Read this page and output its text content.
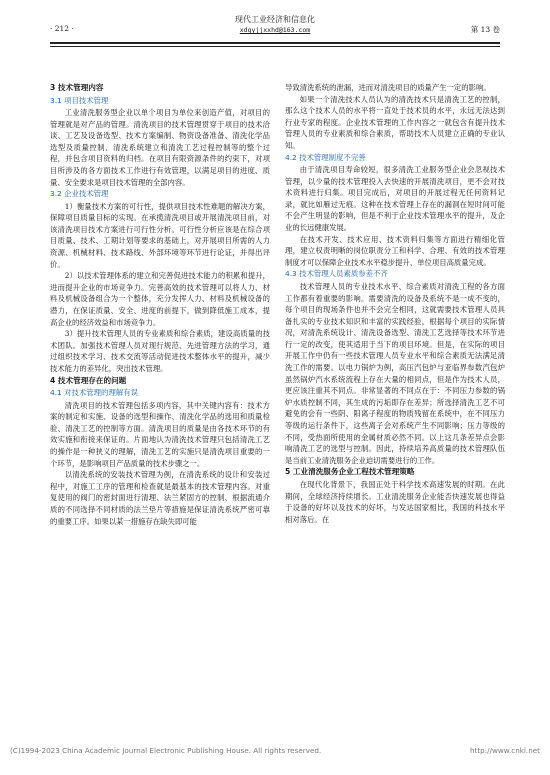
· 212 ·
现代工业经济和信息化
xdgyjjxxhd@163.com	第 13 卷
3 技术管理内容
3.1 项目技术管理

工业清洗服务型企业以单个项目为单位来创造产值，对项目的管理就是对产品的管理。清洗项目的技术管理贯穿于项目的技术洽谈、工艺及设备选型、技术方案编制、物资设备准备、清洗化学品选型及质量控制、清洗系统建立和清洗工艺过程控制等的整个过程，并包含项目资料的归档。在项目有限资源条件的约束下，对项目所涉及的各方面技术工作进行有效管理，以满足项目的进度、质量、安全要求是项目技术管理的全部内容。

3.2 企业技术管理

1）衡量技术方案的可行性，提供项目技术性难题的解决方案，保障项目质量目标的实现。在承揽清洗项目或开展清洗项目前，对该清洗项目技术方案进行可行性分析。可行性分析应该是在综合项目质量、技术、工期计划等要求的基础上，对开展项目所需的人力资源、机械材料、技术路线、外部环境等环节进行论证，并得出评价。

2）以技术管理体系的建立和完善促进技术能力的积累和提升，进而提升企业的市场竞争力。完善高效的技术管理可以将人力、材料及机械设备组合为一个整体，充分发挥人力、材料及机械设备的潜力，在保证质量、安全、进度的前提下，做到降低施工成本，提高企业的经济效益和市场竞争力。

3）提升技术管理人员的专业素质和综合素质，建设高质量的技术团队。加强技术管理人员对现行规范、先进管理方法的学习，通过组织技术学习、技术交流等活动促进技术整体水平的提升，减少技术能力的差异化，突出技术管理。

4 技术管理存在的问题
4.1 对技术管理的理解有误

清洗项目的技术管理包括多项内容，其中关键内容有：技术方案的制定和实施、设备的选型和操作、清洗化学品的选用和质量检验、清洗工艺的控制等方面。清洗项目的质量是由各技术环节的有效实施和衔接来保证的。片面地认为清洗技术管理只包括清洗工艺的操作是一种狭义的理解，清洗工艺的实施只是清洗项目重要的一个环节，是影响项目产品质量的技术步骤之一。

以清洗系统的安装技术管理为例，在清洗系统的设计和安装过程中，对施工工序的管理和检查就是最基本的技术管理内容。对重复使用的阀门的密封面进行清理、法兰紧固方的控制、根据流通介质的不同选择不同材质的法兰垫片等措施是保证清洗系统严密可靠的重要工序。如果以某一措施存在缺失即可能

导致清洗系统的泄漏，进而对清洗项目的质量产生一定的影响。

如果一个清洗技术人员认为的清洗技术只是清洗工艺的控制，那么这个技术人员的水平将一直处于技术员的水平，永远无法达到行业专家的程度。企业技术管理的工作内容之一就包含有提升技术管理人员的专业素质和综合素质，帮助技术人员建立正确的专业认知。

4.2 技术管理制度不完善

由于清洗项目寿命较短，很多清洗工业服务型企业会忽视技术管理，以少量的技术管理投入去快速的开展清洗项目，更不会对技术资料进行归集。项目完成后，对项目的开展过程无任何资料记录，就比如雁过无痕。这种在技术管理上存在的漏洞在短时间可能不会产生明显的影响，但是不利于企业技术管理水平的提升，及企业的长远健康发展。

在技术开发、技术应用、技术资料归集等方面进行精细化管理，建立权责明晰的岗位职责分工和科学、合理、有效的技术管理制度才可以保障企业技术水平稳步提升、单位项目高质量完成。

4.3 技术管理人员素质参差不齐

技术管理人员的专业技术水平、综合素质对清洗工程的各方面工作都有着重要的影响。需要清洗的设备及系统不是一成不变的，每个项目的现场条件也并不会完全相同，这就需要技术管理人员具备扎实的专业技术知识和丰富的实践经验，根据每个项目的实际情况，对清洗系统设计、清洗设备选型、清洗工艺选择等技术环节进行一定的改变，使其适用于当下的项目环境。但是，在实际的项目开展工作中仍有一些技术管理人员专业水平和综合素质无法满足清洗工作的需要。以电力锅炉为例，高压汽包炉与亚临界参数汽包炉虽然锅炉汽水系统流程上存在大量的相同点，但是作为技术人员，更应该注重其不同点。非常显著的不同点在于：不同压力参数的锅炉水质控制不同，其生成的污垢即存在差异；所选择清洗工艺不可避免的会有一些阴、阳离子程度的物质残留在系统中，在不同压力等级的运行条件下，这些离子会对系统产生不同影响；压力等级的不同，受热面所使用的金属材质必然不同。以上这几条差异点会影响清洗工艺的选型与控制。因此，持续培养高质量的技术管理队伍是当前工业清洗服务企业迫切需要进行的工作。

5 工业清洗服务企业工程技术管理策略

在现代化背景下，我国正处于科学技术高速发展的时期。在此期间，全球经济持续增长。工业清洗服务企业能否快速发展也得益于设备的好坏以及技术的好坏，与发达国家相比，我国的科技水平相对落后。在

(C)1994-2023 China Academic Journal Electronic Publishing House. All rights reserved.	http://www.cnki.net
